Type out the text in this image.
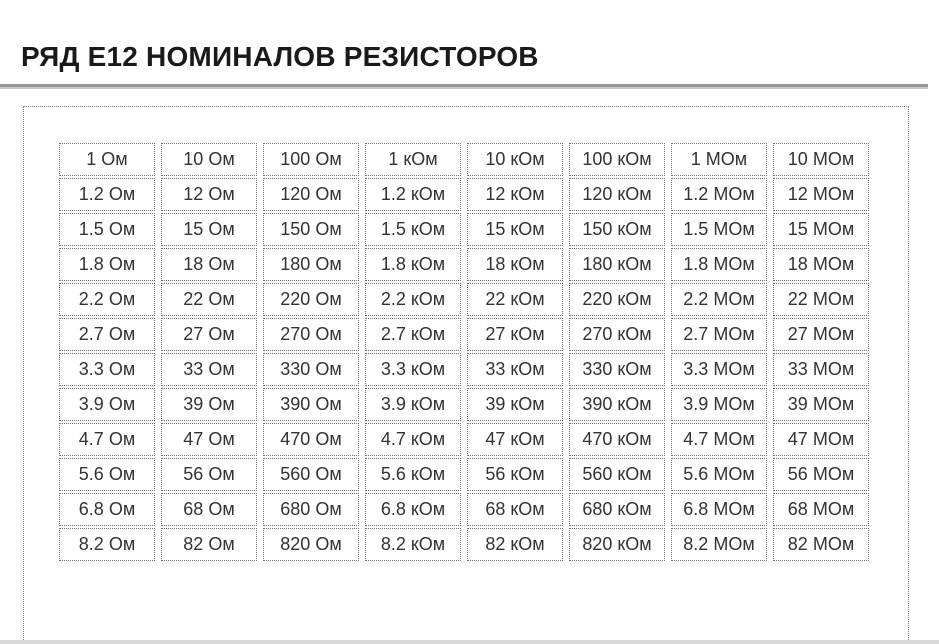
РЯД Е12 НОМИНАЛОВ РЕЗИСТОРОВ
1 Ом	10 Ом	100 Ом	1 кОм	10 кОм	100 кОм	1 МОм	10 МОм
1.2 Ом	12 Ом	120 Ом	1.2 кОм	12 кОм	120 кОм	1.2 МОм	12 МОм
1.5 Ом	15 Ом	150 Ом	1.5 кОм	15 кОм	150 кОм	1.5 МОм	15 МОм
1.8 Ом	18 Ом	180 Ом	1.8 кОм	18 кОм	180 кОм	1.8 МОм	18 МОм
2.2 Ом	22 Ом	220 Ом	2.2 кОм	22 кОм	220 кОм	2.2 МОм	22 МОм
2.7 Ом	27 Ом	270 Ом	2.7 кОм	27 кОм	270 кОм	2.7 МОм	27 МОм
3.3 Ом	33 Ом	330 Ом	3.3 кОм	33 кОм	330 кОм	3.3 МОм	33 МОм
3.9 Ом	39 Ом	390 Ом	3.9 кОм	39 кОм	390 кОм	3.9 МОм	39 МОм
4.7 Ом	47 Ом	470 Ом	4.7 кОм	47 кОм	470 кОм	4.7 МОм	47 МОм
5.6 Ом	56 Ом	560 Ом	5.6 кОм	56 кОм	560 кОм	5.6 МОм	56 МОм
6.8 Ом	68 Ом	680 Ом	6.8 кОм	68 кОм	680 кОм	6.8 МОм	68 МОм
8.2 Ом	82 Ом	820 Ом	8.2 кОм	82 кОм	820 кОм	8.2 МОм	82 МОм
